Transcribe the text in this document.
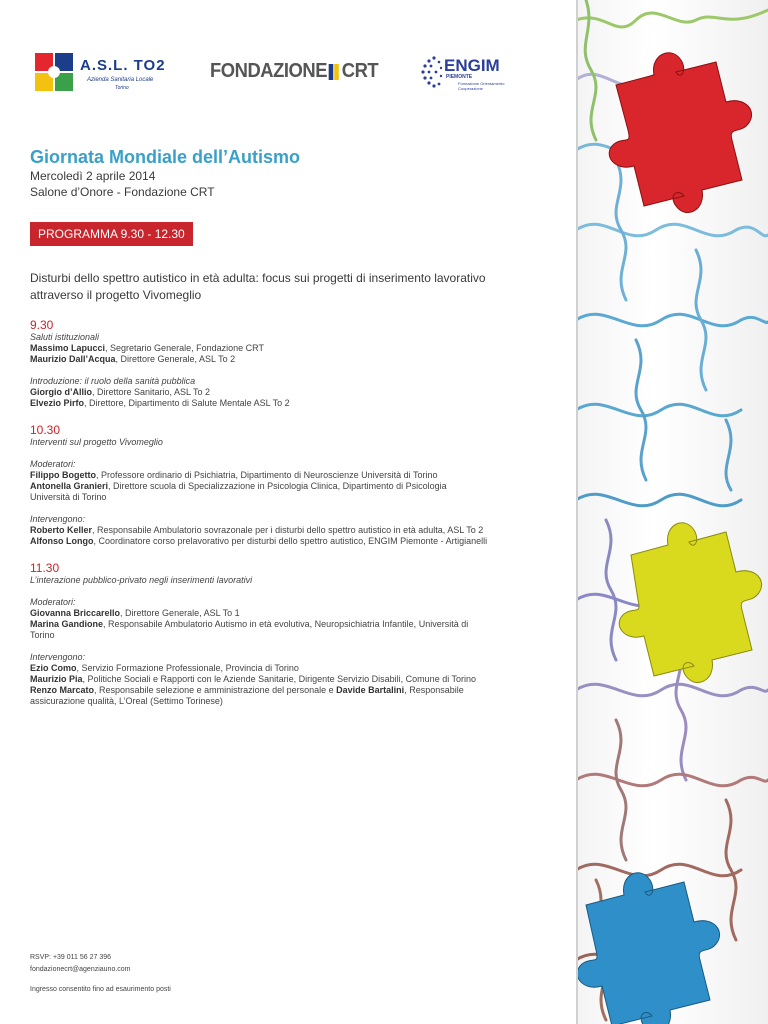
A.S.L. TO2
Azienda Sanitaria Locale
Torino
FONDAZIONE CRT	ENGIM
PIEMONTE
Formazione Orientamento Cooperazione
Giornata Mondiale dell’Autismo
Mercoledì 2 aprile 2014
Salone d’Onore - Fondazione CRT
PROGRAMMA 9.30 - 12.30
Disturbi dello spettro autistico in età adulta: focus sui progetti di inserimento lavorativo
attraverso il progetto Vivomeglio
9.30
Saluti istituzionali
Massimo Lapucci, Segretario Generale, Fondazione CRT
Maurizio Dall’Acqua, Direttore Generale, ASL To 2
Introduzione: il ruolo della sanità pubblica
Giorgio d’Allio, Direttore Sanitario, ASL To 2
Elvezio Pirfo, Direttore, Dipartimento di Salute Mentale ASL To 2
10.30
Interventi sul progetto Vivomeglio
Moderatori:
Filippo Bogetto, Professore ordinario di Psichiatria, Dipartimento di Neuroscienze Università di Torino
Antonella Granieri, Direttore scuola di Specializzazione in Psicologia Clinica, Dipartimento di Psicologia
Università di Torino
Intervengono:
Roberto Keller, Responsabile Ambulatorio sovrazonale per i disturbi dello spettro autistico in età adulta, ASL To 2
Alfonso Longo, Coordinatore corso prelavorativo per disturbi dello spettro autistico, ENGIM Piemonte - Artigianelli
11.30
L’interazione pubblico-privato negli inserimenti lavorativi
Moderatori:
Giovanna Briccarello, Direttore Generale, ASL To 1
Marina Gandione, Responsabile Ambulatorio Autismo in età evolutiva, Neuropsichiatria Infantile, Università di
Torino
Intervengono:
Ezio Como, Servizio Formazione Professionale, Provincia di Torino
Maurizio Pia, Politiche Sociali e Rapporti con le Aziende Sanitarie, Dirigente Servizio Disabili, Comune di Torino
Renzo Marcato, Responsabile selezione e amministrazione del personale e Davide Bartalini, Responsabile
assicurazione qualità, L’Oreal (Settimo Torinese)
RSVP: +39 011 56 27 396
fondazionecrt@agenziauno.com
Ingresso consentito fino ad esaurimento posti
